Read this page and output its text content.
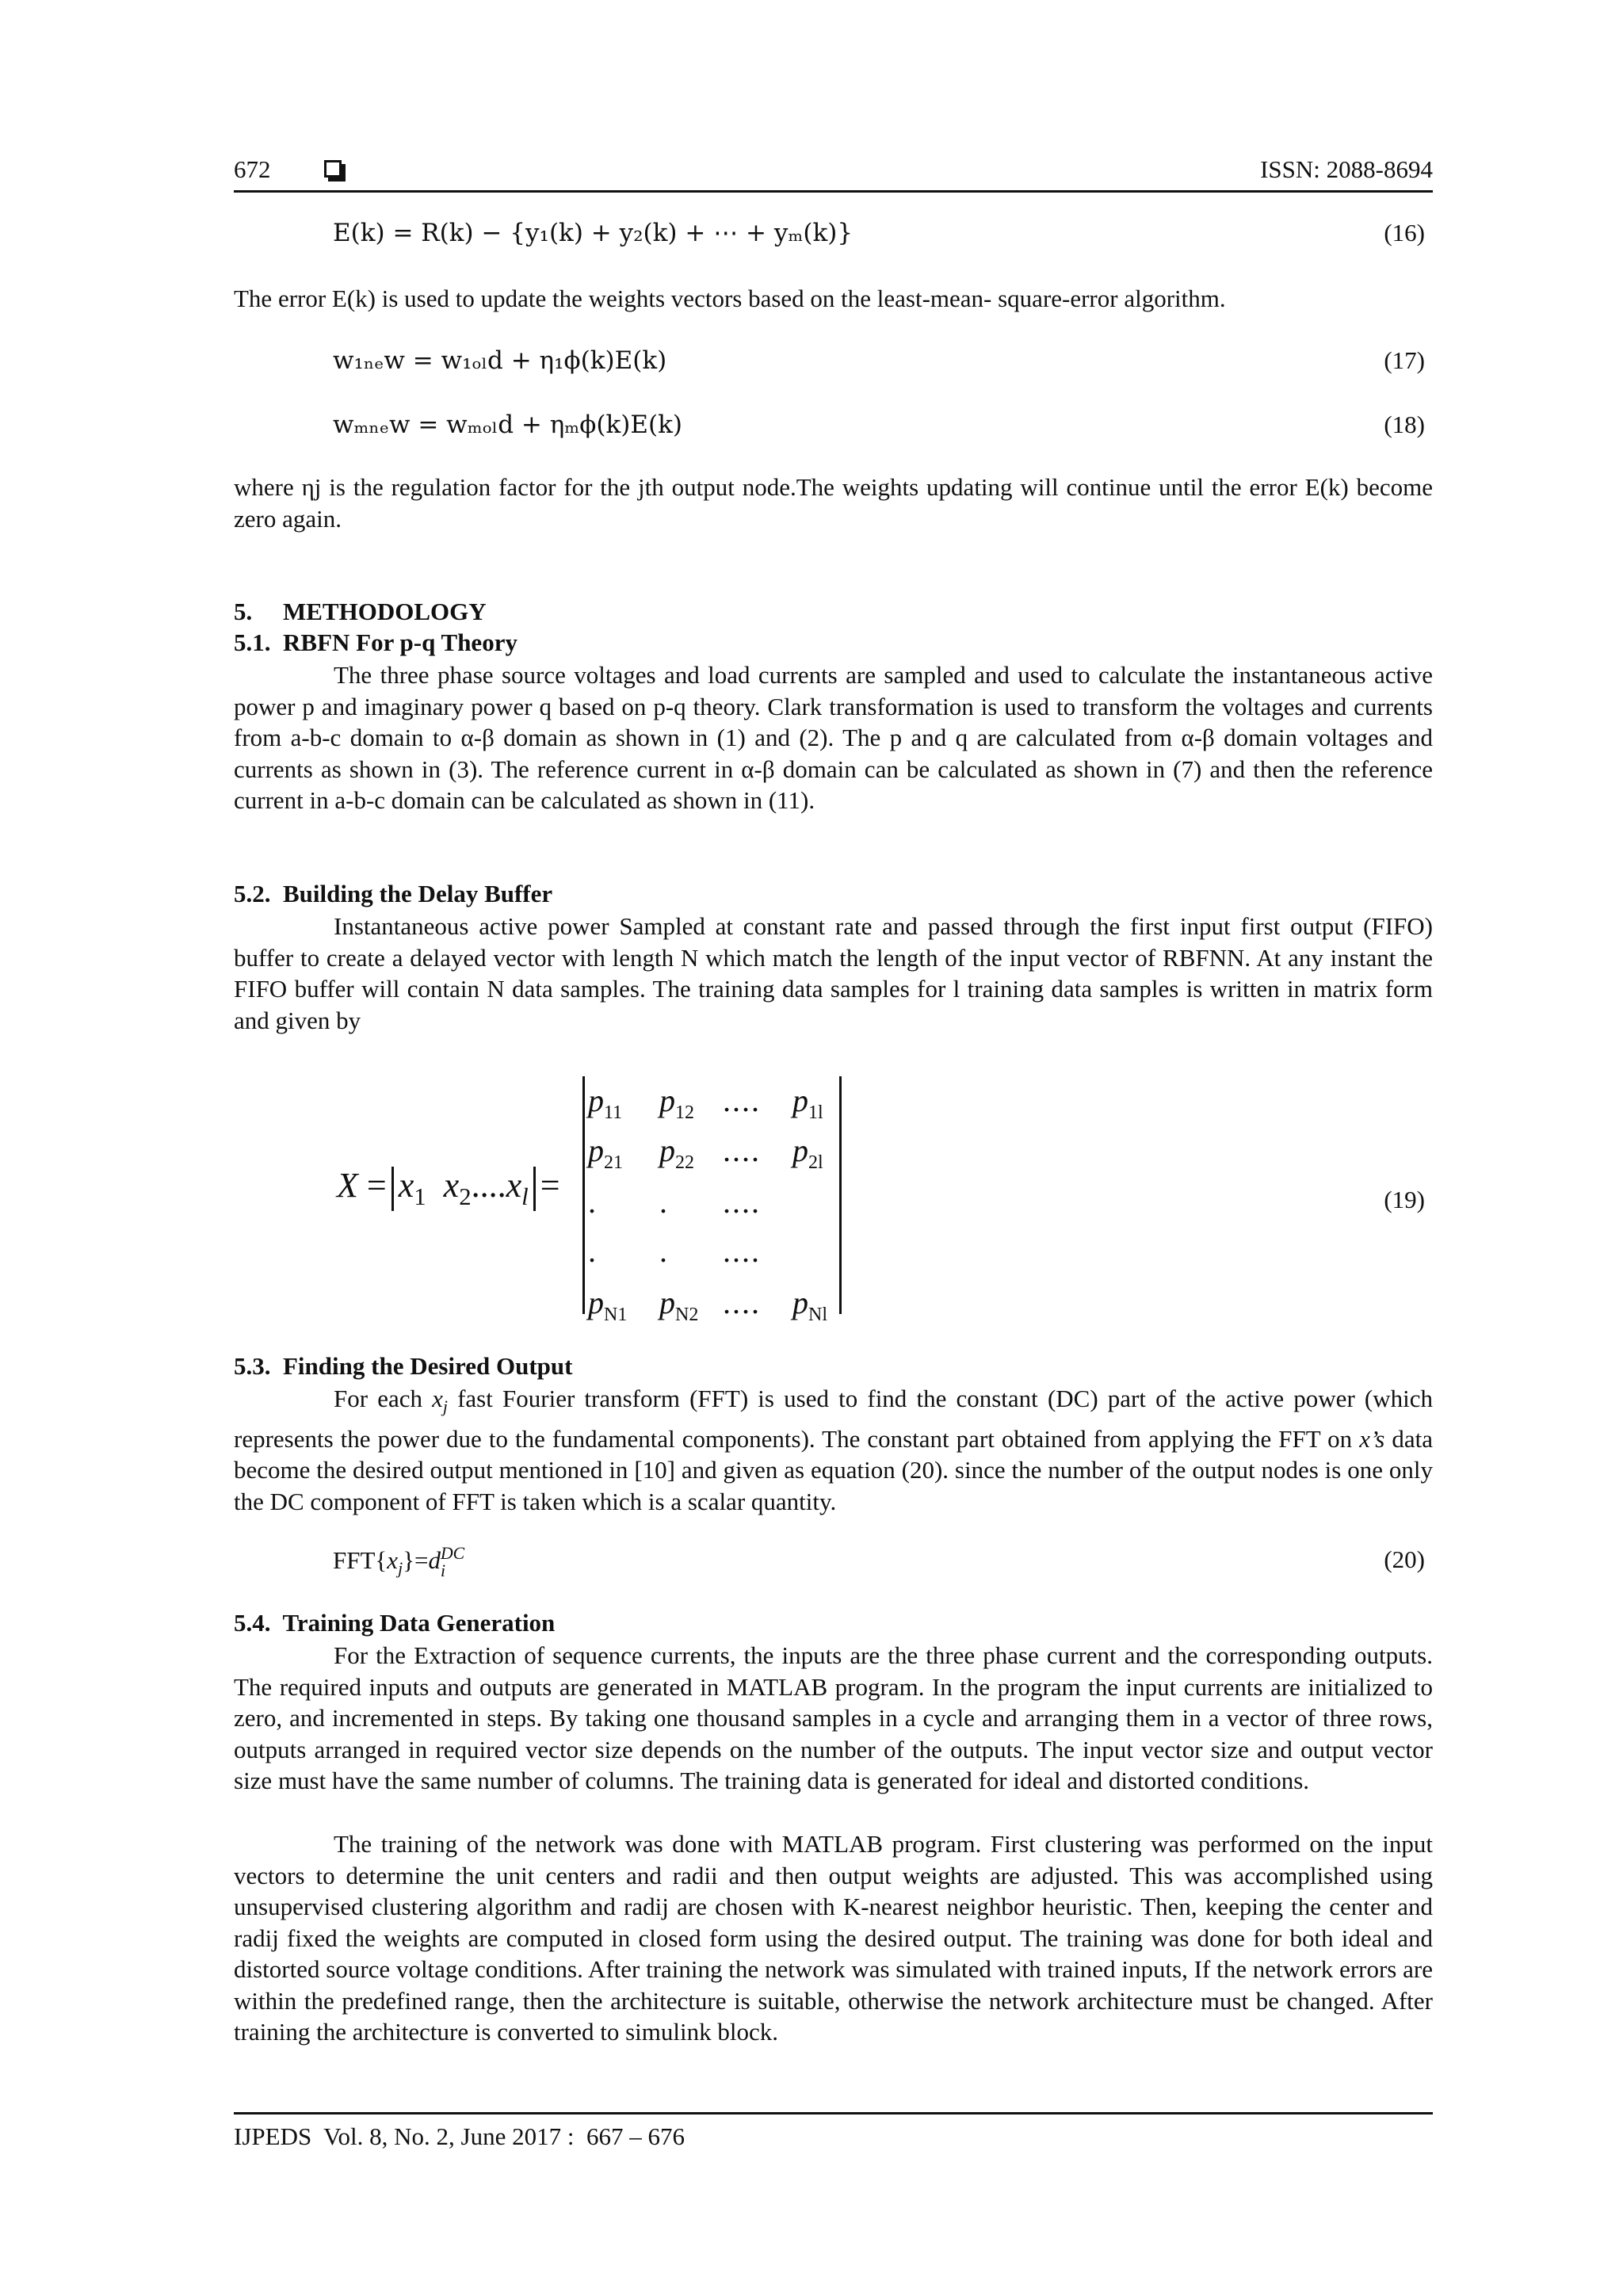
672	ISSN: 2088-8694
E(k) = R(k) − {y₁(k) + y₂(k) + ⋯ + yₘ(k)}	(16)

The error E(k) is used to update the weights vectors based on the least-mean- square-error algorithm.

w₁ₙₑw = w₁ₒₗd + η₁ϕ(k)E(k)	(17)
wₘₙₑw = wₘₒₗd + ηₘϕ(k)E(k)	(18)

where ηj is the regulation factor for the jth output node.The weights updating will continue until the error E(k) become zero again.

5.     METHODOLOGY

5.1.  RBFN For p-q Theory

The three phase source voltages and load currents are sampled and used to calculate the instantaneous active power p and imaginary power q based on p-q theory. Clark transformation is used to transform the voltages and currents from a-b-c domain to α-β domain as shown in (1) and (2). The p and q are calculated from α-β domain voltages and currents as shown in (3). The reference current in α-β domain can be calculated as shown in (7) and then the reference current in a-b-c domain can be calculated as shown in (11).

5.2.  Building the Delay Buffer

Instantaneous active power Sampled at constant rate and passed through the first input first output (FIFO) buffer to create a delayed vector with length N which match the length of the input vector of RBFNN. At any instant the FIFO buffer will contain N data samples. The training data samples for l training data samples is written in matrix form and given by

$X = x_1$ $x_2....x_l$ =
$p_{11}$ $p_{12}$ .... $p_{1l}$
$p_{21}$ $p_{22}$ .... $p_{2l}$
. . ....
. . ....
$p_{N1}$ $p_{N2}$ .... $p_{Nl}$
(19)

5.3.  Finding the Desired Output

For each $x_j$ fast Fourier transform (FFT) is used to find the constant (DC) part of the active power (which represents the power due to the fundamental components). The constant part obtained from applying the FFT on x’s data become the desired output mentioned in [10] and given as equation (20). since the number of the output nodes is one only the DC component of FFT is taken which is a scalar quantity.

$FFT\{x_j\}=d$ DC
i	(20)

5.4.  Training Data Generation

For the Extraction of sequence currents, the inputs are the three phase current and the corresponding outputs. The required inputs and outputs are generated in MATLAB program. In the program the input currents are initialized to zero, and incremented in steps. By taking one thousand samples in a cycle and arranging them in a vector of three rows, outputs arranged in required vector size depends on the number of the outputs. The input vector size and output vector size must have the same number of columns. The training data is generated for ideal and distorted conditions.

The training of the network was done with MATLAB program. First clustering was performed on the input vectors to determine the unit centers and radii and then output weights are adjusted. This was accomplished using unsupervised clustering algorithm and radij are chosen with K-nearest neighbor heuristic. Then, keeping the center and radij fixed the weights are computed in closed form using the desired output. The training was done for both ideal and distorted source voltage conditions. After training the network was simulated with trained inputs, If the network errors are within the predefined range, then the architecture is suitable, otherwise the network architecture must be changed. After training the architecture is converted to simulink block.

IJPEDS  Vol. 8, No. 2, June 2017 :  667 – 676
